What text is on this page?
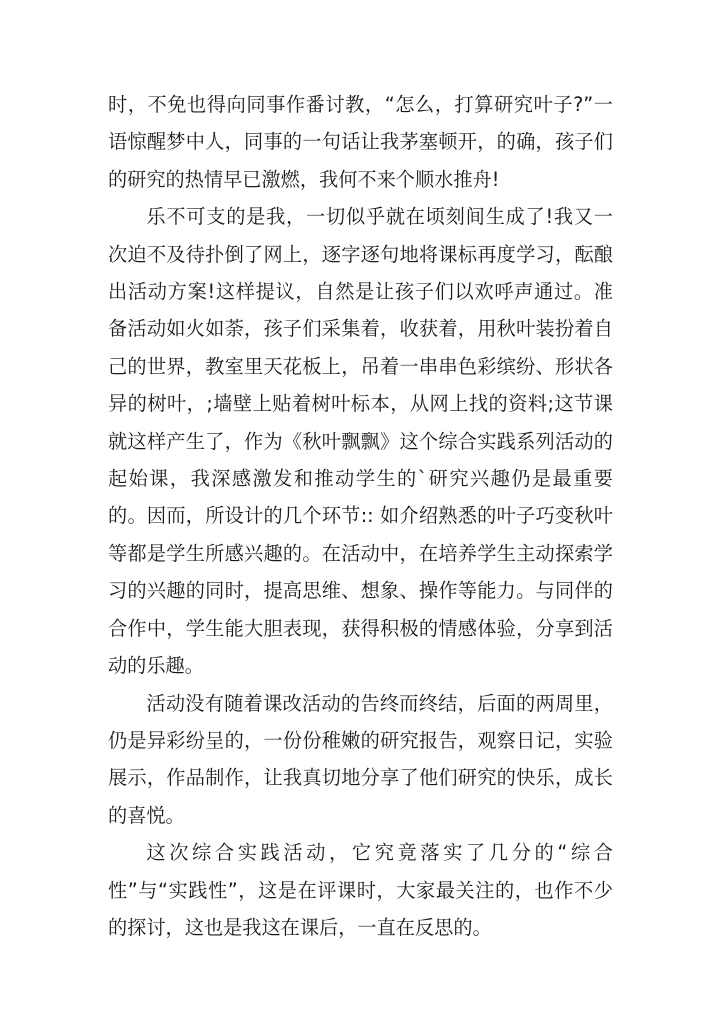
时，不免也得向同事作番讨教，“怎么，打算研究叶子?”一语惊醒梦中人，同事的一句话让我茅塞顿开，的确，孩子们的研究的热情早已激燃，我何不来个顺水推舟!

乐不可支的是我，一切似乎就在顷刻间生成了!我又一次迫不及待扑倒了网上，逐字逐句地将课标再度学习，酝酿出活动方案!这样提议，自然是让孩子们以欢呼声通过。准备活动如火如荼，孩子们采集着，收获着，用秋叶装扮着自己的世界，教室里天花板上，吊着一串串色彩缤纷、形状各异的树叶，;墙壁上贴着树叶标本，从网上找的资料;这节课就这样产生了，作为《秋叶飘飘》这个综合实践系列活动的起始课，我深感激发和推动学生的`研究兴趣仍是最重要的。因而，所设计的几个环节:: 如介绍熟悉的叶子巧变秋叶等都是学生所感兴趣的。在活动中，在培养学生主动探索学习的兴趣的同时，提高思维、想象、操作等能力。与同伴的合作中，学生能大胆表现，获得积极的情感体验，分享到活动的乐趣。

活动没有随着课改活动的告终而终结，后面的两周里，仍是异彩纷呈的，一份份稚嫩的研究报告，观察日记，实验展示，作品制作，让我真切地分享了他们研究的快乐，成长的喜悦。

这次综合实践活动，它究竟落实了几分的“综合性”与“实践性”，这是在评课时，大家最关注的，也作不少的探讨，这也是我这在课后，一直在反思的。
